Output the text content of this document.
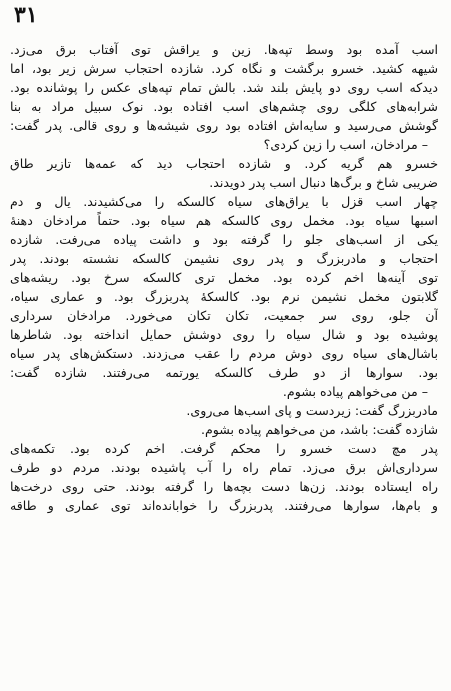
۳۱
اسب آمده بود وسط تپه‌ها. زین و یراقش توی آفتاب برق می‌زد.
شیهه کشید. خسرو برگشت و نگاه کرد. شازده احتجاب سرش زیر بود، اما
دیدکه اسب روی دو پایش بلند شد. بالش تمام تپه‌های عکس را پوشانده بود.
شرابه‌های کلگی روی چشم‌های اسب افتاده بود. نوک سبیل مراد به بنا
گوشش می‌رسید و سایه‌اش افتاده بود روی شیشه‌ها و روی قالی. پدر گفت:
– مرادخان، اسب را زین کردی؟
خسرو هم گریه کرد. و شازده احتجاب دید که عمه‌ها تازیر طاق
ضریبی شاخ و برگ‌ها دنبال اسب پدر دویدند.
چهار اسب قزل با یراق‌های سیاه کالسکه را می‌کشیدند. یال و دم
اسبها سیاه بود. مخمل روی کالسکه هم سیاه بود. حتماً مرادخان دهنهٔ
یکی از اسب‌های جلو را گرفته بود و داشت پیاده می‌رفت. شازده
احتجاب و مادربزرگ و پدر روی نشیمن کالسکه نشسته بودند. پدر
توی آینه‌ها اخم کرده بود. مخمل تری کالسکه سرخ بود. ریشه‌های
گلابتون مخمل نشیمن نرم بود. کالسکهٔ پدربزرگ بود. و عماری سیاه،
آن جلو، روی سر جمعیت، تکان تکان می‌خورد. مرادخان سرداری
پوشیده بود و شال سیاه را روی دوشش حمایل انداخته بود. شاطرها
باشال‌های سیاه روی دوش مردم را عقب می‌زدند. دستکش‌های پدر سیاه
بود. سوارها از دو طرف کالسکه یورتمه می‌رفتند. شازده گفت:
– من می‌خواهم پیاده بشوم.
مادربزرگ گفت: زیردست و پای اسب‌ها می‌روی.
شازده گفت: باشد، من می‌خواهم پیاده بشوم.
پدر مچ دست خسرو را محکم گرفت. اخم کرده بود. تکمه‌های
سرداری‌اش برق می‌زد. تمام راه را آب پاشیده بودند. مردم دو طرف
راه ایستاده بودند. زن‌ها دست بچه‌ها را گرفته بودند. حتی روی درخت‌ها
و بام‌ها، سوارها می‌رفتند. پدربزرگ را خوابانده‌اند توی عماری و طاقه
